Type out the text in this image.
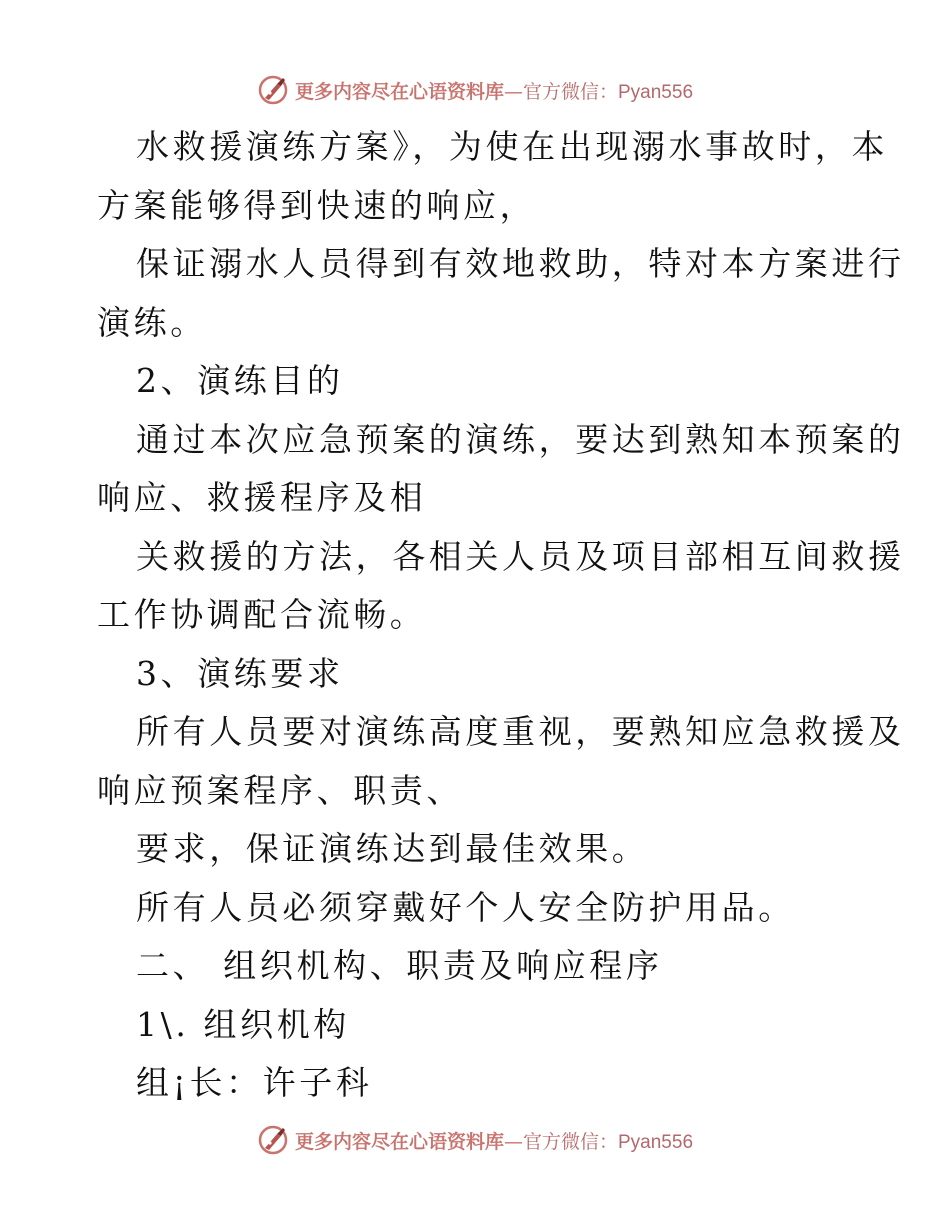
更多内容尽在心语资料库—官方微信：Pyan556
水救援演练方案》，为使在出现溺水事故时，本
方案能够得到快速的响应，
保证溺水人员得到有效地救助，特对本方案进行
演练。
2、演练目的
通过本次应急预案的演练，要达到熟知本预案的
响应、救援程序及相
关救援的方法，各相关人员及项目部相互间救援
工作协调配合流畅。
3、演练要求
所有人员要对演练高度重视，要熟知应急救援及
响应预案程序、职责、
要求，保证演练达到最佳效果。
所有人员必须穿戴好个人安全防护用品。
二、 组织机构、职责及响应程序
1\. 组织机构
组¡长：许子科
更多内容尽在心语资料库—官方微信：Pyan556
